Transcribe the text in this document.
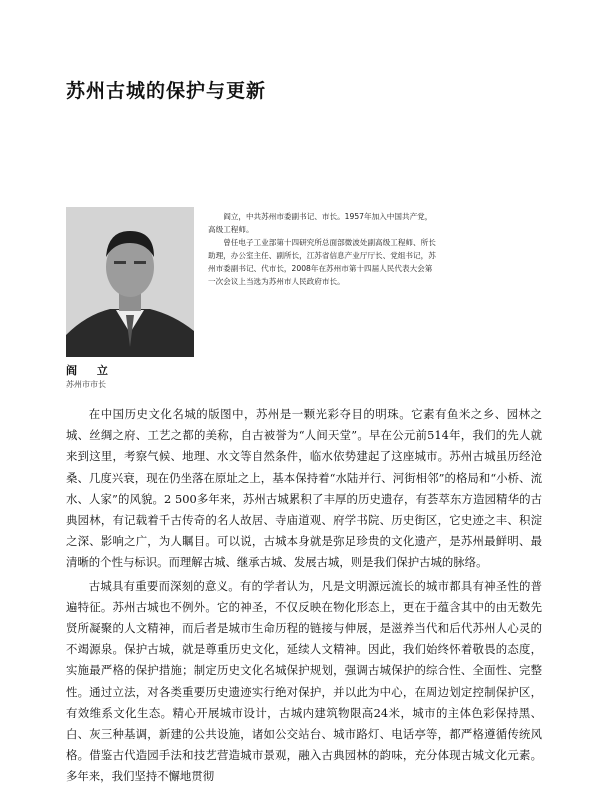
苏州古城的保护与更新

阎立，中共苏州市委副书记、市长。1957年加入中国共产党，高级工程师。

曾任电子工业部第十四研究所总面部微波处副高级工程师、所长助理，办公室主任、副所长，江苏省信息产业厅厅长、党组书记，苏州市委副书记、代市长，2008年在苏州市第十四届人民代表大会第一次会议上当选为苏州市人民政府市长。

阎 立

苏州市市长

在中国历史文化名城的版图中，苏州是一颗光彩夺目的明珠。它素有鱼米之乡、园林之城、丝绸之府、工艺之都的美称，自古被誉为“人间天堂”。早在公元前514年，我们的先人就来到这里，考察气候、地理、水文等自然条件，临水依势建起了这座城市。苏州古城虽历经沧桑、几度兴衰，现在仍坐落在原址之上，基本保持着“水陆并行、河街相邻”的格局和“小桥、流水、人家”的风貌。2 500多年来，苏州古城累积了丰厚的历史遗存，有荟萃东方造园精华的古典园林，有记载着千古传奇的名人故居、寺庙道观、府学书院、历史街区，它史迹之丰、积淀之深、影响之广，为人瞩目。可以说，古城本身就是弥足珍贵的文化遗产，是苏州最鲜明、最清晰的个性与标识。而理解古城、继承古城、发展古城，则是我们保护古城的脉络。

古城具有重要而深刻的意义。有的学者认为，凡是文明源远流长的城市都具有神圣性的普遍特征。苏州古城也不例外。它的神圣，不仅反映在物化形态上，更在于蕴含其中的由无数先贤所凝聚的人文精神，而后者是城市生命历程的链接与伸展，是滋养当代和后代苏州人心灵的不竭源泉。保护古城，就是尊重历史文化，延续人文精神。因此，我们始终怀着敬畏的态度，实施最严格的保护措施；制定历史文化名城保护规划，强调古城保护的综合性、全面性、完整性。通过立法，对各类重要历史遗迹实行绝对保护，并以此为中心，在周边划定控制保护区，有效维系文化生态。精心开展城市设计，古城内建筑物限高24米，城市的主体色彩保持黑、白、灰三种基调，新建的公共设施，诸如公交站台、城市路灯、电话亭等，都严格遵循传统风格。借鉴古代造园手法和技艺营造城市景观，融入古典园林的韵味，充分体现古城文化元素。多年来，我们坚持不懈地贯彻
